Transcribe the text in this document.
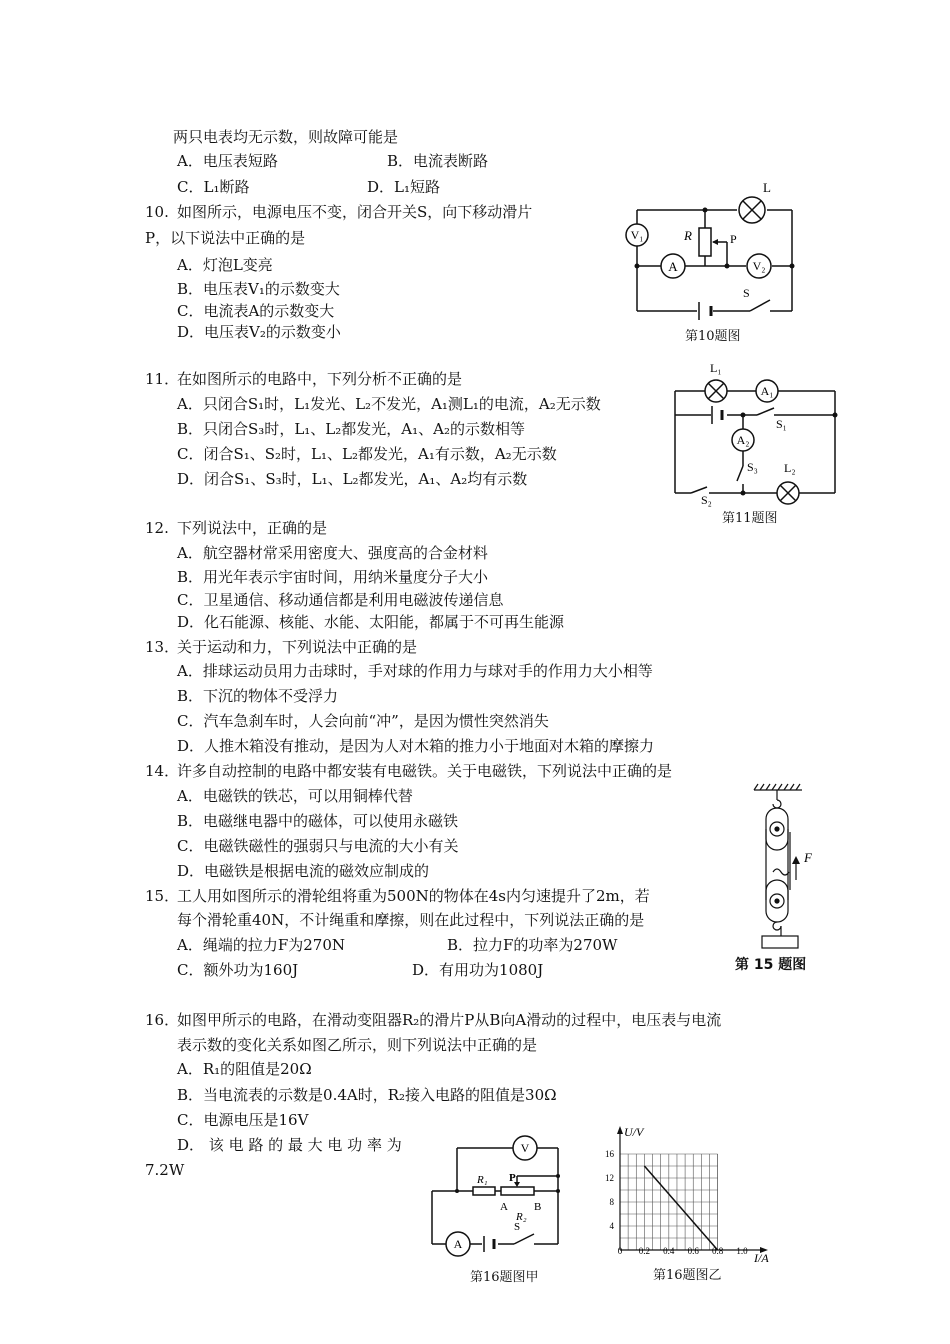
两只电表均无示数，则故障可能是
A．电压表短路	B．电流表断路
C．L₁断路	D．L₁短路
10. 如图所示，电源电压不变，闭合开关S，向下移动滑片
P，以下说法中正确的是
A．灯泡L变亮
B．电压表V₁的示数变大
C．电流表A的示数变大
D．电压表V₂的示数变小
L
V₁	R	P
A	V₂
S
第10题图
11．
在如图所示的电路中，下列分析不正确的是
A．只闭合S₁时，L₁发光、L₂不发光，A₁测L₁的电流，A₂无示数
B．只闭合S₃时，L₁、L₂都发光，A₁、A₂的示数相等
C．闭合S₁、S₂时，L₁、L₂都发光，A₁有示数，A₂无示数
D．闭合S₁、S₃时，L₁、L₂都发光，A₁、A₂均有示数
L₁
A₁
S₁
A₂
S₃ L₂
S₂
第11题图
12. 下列说法中，正确的是
A．航空器材常采用密度大、强度高的合金材料
B．用光年表示宇宙时间，用纳米量度分子大小
C．卫星通信、移动通信都是利用电磁波传递信息
D．化石能源、核能、水能、太阳能，都属于不可再生能源
13．
关于运动和力，下列说法中正确的是
A．排球运动员用力击球时，手对球的作用力与球对手的作用力大小相等
B．下沉的物体不受浮力
C．汽车急刹车时，人会向前“冲”，是因为惯性突然消失
D．人推木箱没有推动，是因为人对木箱的推力小于地面对木箱的摩擦力
14．
许多自动控制的电路中都安装有电磁铁。关于电磁铁，下列说法中正确的是
A．电磁铁的铁芯，可以用铜棒代替
B．电磁继电器中的磁体，可以使用永磁铁
C．电磁铁磁性的强弱只与电流的大小有关
D．电磁铁是根据电流的磁效应制成的
F
第 15 题图
15．
工人用如图所示的滑轮组将重为500N的物体在4s内匀速提升了2m，若
每个滑轮重40N，不计绳重和摩擦，则在此过程中，下列说法正确的是
A．绳端的拉力F为270N	B．拉力F的功率为270W
C．额外功为160J	D．有用功为1080J
16．
如图甲所示的电路，在滑动变阻器R₂的滑片P从B向A滑动的过程中，电压表与电流
表示数的变化关系如图乙所示，则下列说法中正确的是
A．R₁的阻值是20Ω
B．当电流表的示数是0.4A时，R₂接入电路的阻值是30Ω
C．电源电压是16V
D． 该 电 路 的 最 大 电 功 率 为
7.2W
V
R₁ P
A B
R₂
A
S
第16题图甲
0 0.2 0.4 0.6 0.8 1.0
4
8
12
16
U/V
I/A
第16题图乙
